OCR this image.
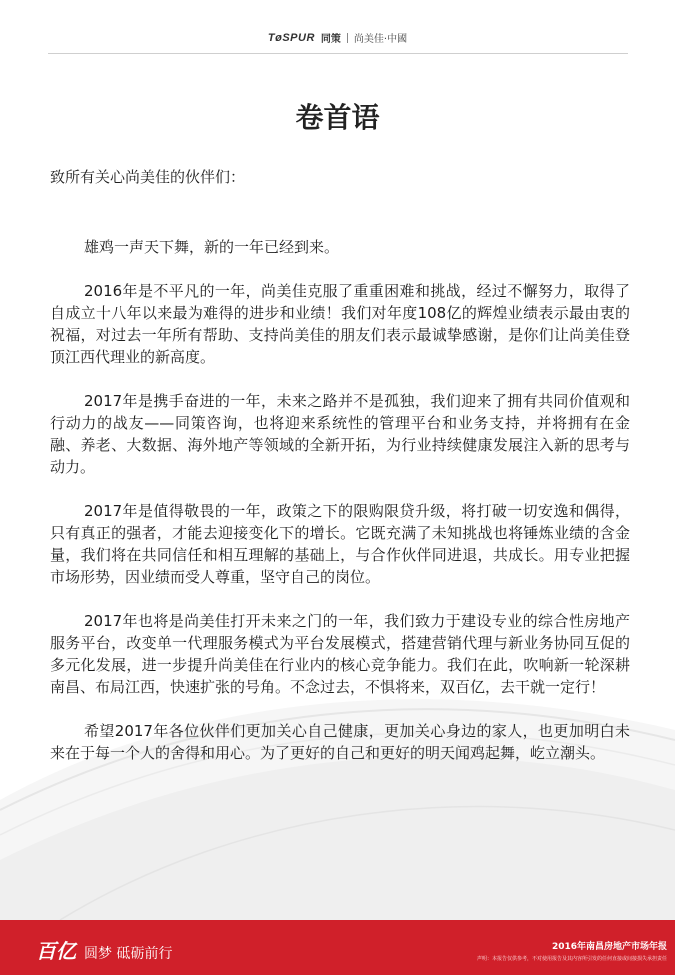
TøSPUR 同策 尚美佳·中國
卷首语

致所有关心尚美佳的伙伴们：

雄鸡一声天下舞，新的一年已经到来。

2016年是不平凡的一年，尚美佳克服了重重困难和挑战，经过不懈努力，取得了自成立十八年以来最为难得的进步和业绩！我们对年度108亿的辉煌业绩表示最由衷的祝福，对过去一年所有帮助、支持尚美佳的朋友们表示最诚挚感谢，是你们让尚美佳登顶江西代理业的新高度。

2017年是携手奋进的一年，未来之路并不是孤独，我们迎来了拥有共同价值观和行动力的战友——同策咨询，也将迎来系统性的管理平台和业务支持，并将拥有在金融、养老、大数据、海外地产等领域的全新开拓，为行业持续健康发展注入新的思考与动力。

2017年是值得敬畏的一年，政策之下的限购限贷升级，将打破一切安逸和偶得，只有真正的强者，才能去迎接变化下的增长。它既充满了未知挑战也将锤炼业绩的含金量，我们将在共同信任和相互理解的基础上，与合作伙伴同进退，共成长。用专业把握市场形势，因业绩而受人尊重，坚守自己的岗位。

2017年也将是尚美佳打开未来之门的一年，我们致力于建设专业的综合性房地产服务平台，改变单一代理服务模式为平台发展模式，搭建营销代理与新业务协同互促的多元化发展，进一步提升尚美佳在行业内的核心竞争能力。我们在此，吹响新一轮深耕南昌、布局江西，快速扩张的号角。不念过去，不惧将来，双百亿，去干就一定行！

希望2017年各位伙伴们更加关心自己健康，更加关心身边的家人，也更加明白未来在于每一个人的舍得和用心。为了更好的自己和更好的明天闻鸡起舞，屹立潮头。

百亿 圆梦 砥砺前行	2016年南昌房地产市场年报
声明：本报告仅供参考，不对使用报告及其内容所引发的任何直接或间接损失承担责任
